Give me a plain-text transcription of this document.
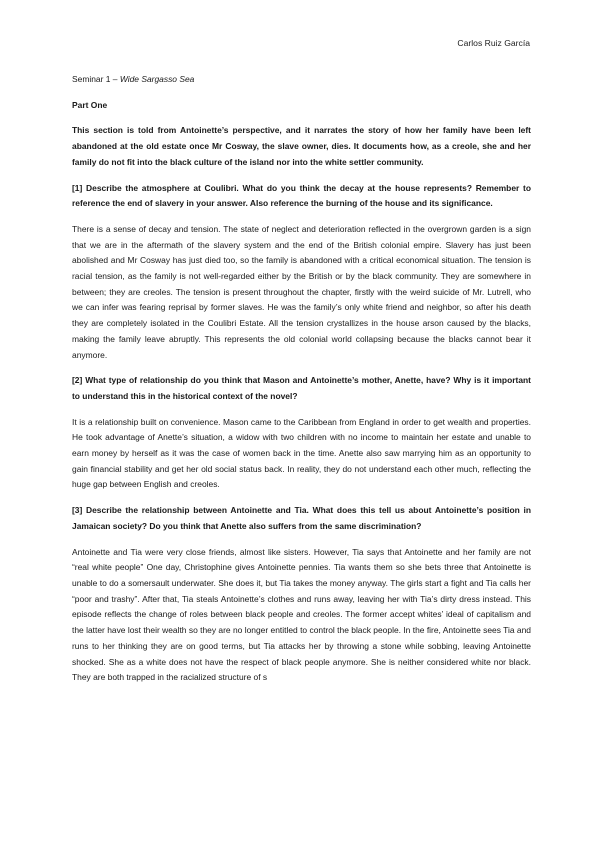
Carlos Ruiz García

Seminar 1 – Wide Sargasso Sea

Part One

This section is told from Antoinette’s perspective, and it narrates the story of how her family have been left abandoned at the old estate once Mr Cosway, the slave owner, dies. It documents how, as a creole, she and her family do not fit into the black culture of the island nor into the white settler community.

[1] Describe the atmosphere at Coulibri. What do you think the decay at the house represents? Remember to reference the end of slavery in your answer. Also reference the burning of the house and its significance.

There is a sense of decay and tension. The state of neglect and deterioration reflected in the overgrown garden is a sign that we are in the aftermath of the slavery system and the end of the British colonial empire. Slavery has just been abolished and Mr Cosway has just died too, so the family is abandoned with a critical economical situation. The tension is racial tension, as the family is not well-regarded either by the British or by the black community. They are somewhere in between; they are creoles. The tension is present throughout the chapter, firstly with the weird suicide of Mr. Lutrell, who we can infer was fearing reprisal by former slaves. He was the family’s only white friend and neighbor, so after his death they are completely isolated in the Coulibri Estate. All the tension crystallizes in the house arson caused by the blacks, making the family leave abruptly. This represents the old colonial world collapsing because the blacks cannot bear it anymore.

[2] What type of relationship do you think that Mason and Antoinette’s mother, Anette, have? Why is it important to understand this in the historical context of the novel?

It is a relationship built on convenience. Mason came to the Caribbean from England in order to get wealth and properties. He took advantage of Anette’s situation, a widow with two children with no income to maintain her estate and unable to earn money by herself as it was the case of women back in the time. Anette also saw marrying him as an opportunity to gain financial stability and get her old social status back. In reality, they do not understand each other much, reflecting the huge gap between English and creoles.

[3] Describe the relationship between Antoinette and Tia. What does this tell us about Antoinette’s position in Jamaican society? Do you think that Anette also suffers from the same discrimination?

Antoinette and Tia were very close friends, almost like sisters. However, Tia says that Antoinette and her family are not “real white people” One day, Christophine gives Antoinette pennies. Tia wants them so she bets three that Antoinette is unable to do a somersault underwater. She does it, but Tia takes the money anyway. The girls start a fight and Tia calls her “poor and trashy”. After that, Tia steals Antoinette’s clothes and runs away, leaving her with Tia’s dirty dress instead. This episode reflects the change of roles between black people and creoles. The former accept whites’ ideal of capitalism and the latter have lost their wealth so they are no longer entitled to control the black people. In the fire, Antoinette sees Tia and runs to her thinking they are on good terms, but Tia attacks her by throwing a stone while sobbing, leaving Antoinette shocked. She as a white does not have the respect of black people anymore. She is neither considered white nor black. They are both trapped in the racialized structure of s
